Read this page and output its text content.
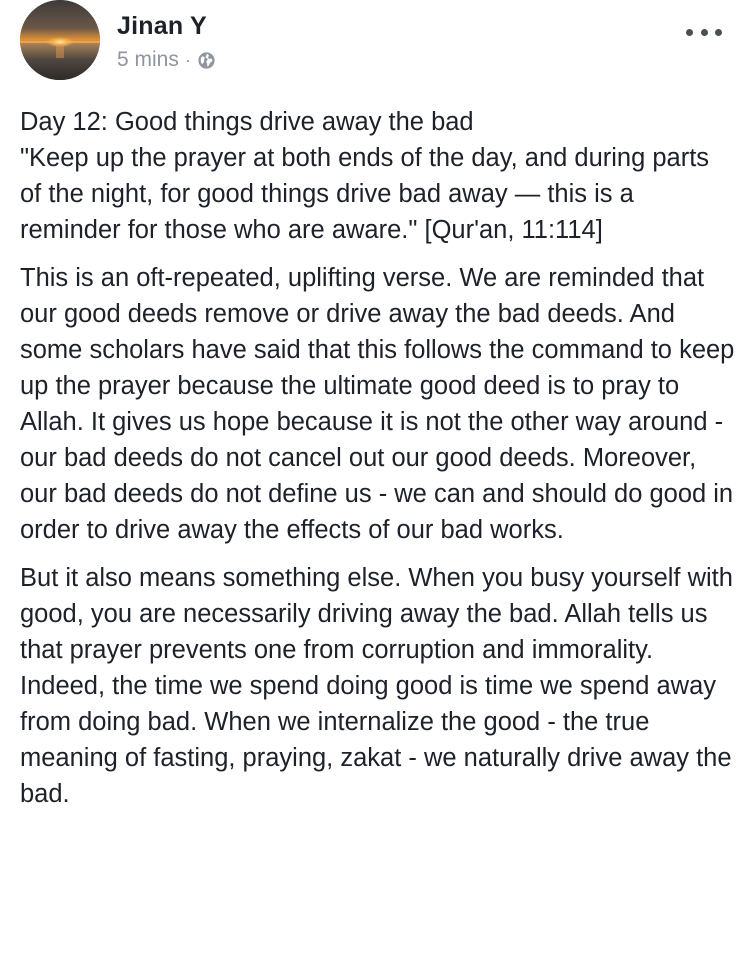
Jinan Y
5 mins ·

Day 12: Good things drive away the bad
"Keep up the prayer at both ends of the day, and during parts of the night, for good things drive bad away — this is a reminder for those who are aware." [Qur'an, 11:114]

This is an oft-repeated, uplifting verse. We are reminded that our good deeds remove or drive away the bad deeds. And some scholars have said that this follows the command to keep up the prayer because the ultimate good deed is to pray to Allah. It gives us hope because it is not the other way around - our bad deeds do not cancel out our good deeds. Moreover, our bad deeds do not define us - we can and should do good in order to drive away the effects of our bad works.

But it also means something else. When you busy yourself with good, you are necessarily driving away the bad. Allah tells us that prayer prevents one from corruption and immorality. Indeed, the time we spend doing good is time we spend away from doing bad. When we internalize the good - the true meaning of fasting, praying, zakat - we naturally drive away the bad.
